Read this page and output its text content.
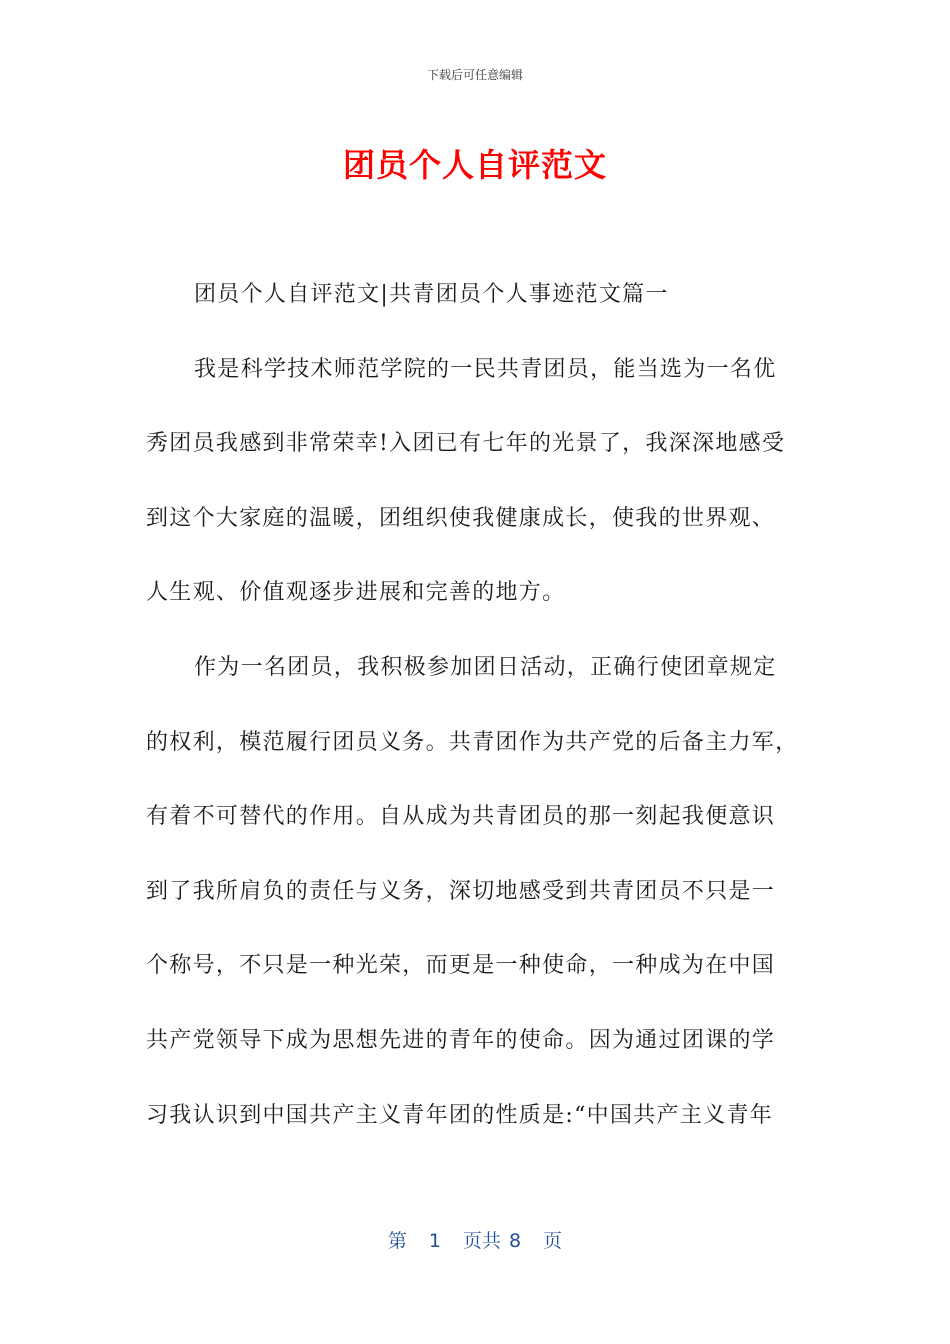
下载后可任意编辑
团员个人自评范文
团员个人自评范文|共青团员个人事迹范文篇一
我是科学技术师范学院的一民共青团员，能当选为一名优
秀团员我感到非常荣幸!入团已有七年的光景了，我深深地感受
到这个大家庭的温暖，团组织使我健康成长，使我的世界观、
人生观、价值观逐步进展和完善的地方。
作为一名团员，我积极参加团日活动，正确行使团章规定
的权利，模范履行团员义务。共青团作为共产党的后备主力军，
有着不可替代的作用。自从成为共青团员的那一刻起我便意识
到了我所肩负的责任与义务，深切地感受到共青团员不只是一
个称号，不只是一种光荣，而更是一种使命，一种成为在中国
共产党领导下成为思想先进的青年的使命。因为通过团课的学
习我认识到中国共产主义青年团的性质是:“中国共产主义青年
第 1 页共 8 页
